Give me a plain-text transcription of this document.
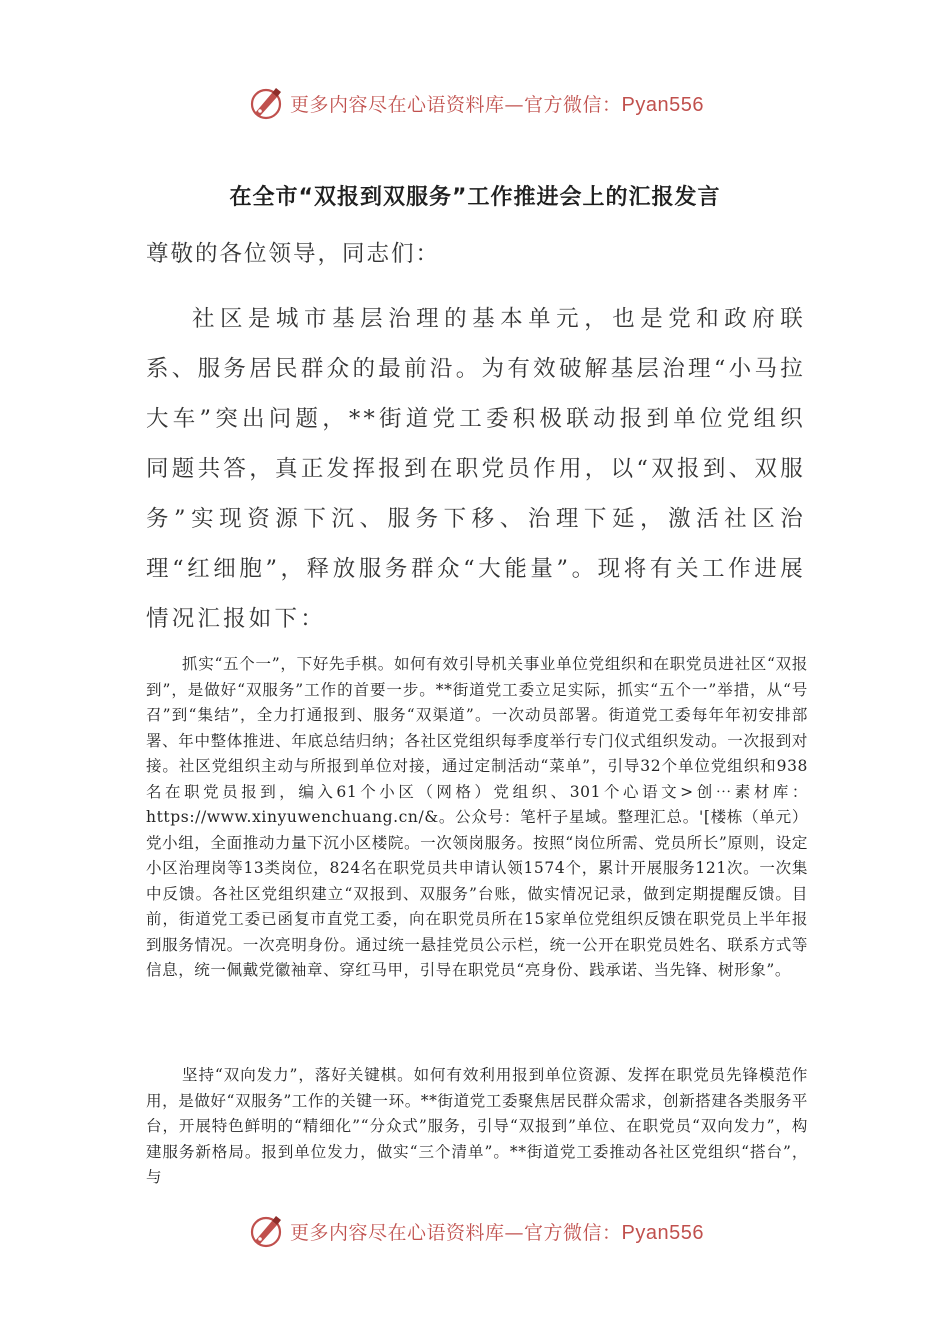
更多内容尽在心语资料库—官方微信：Pyan556
在全市“双报到双服务”工作推进会上的汇报发言
尊敬的各位领导，同志们：

社区是城市基层治理的基本单元，也是党和政府联系、服务居民群众的最前沿。为有效破解基层治理“小马拉大车”突出问题，**街道党工委积极联动报到单位党组织同题共答，真正发挥报到在职党员作用，以“双报到、双服务”实现资源下沉、服务下移、治理下延，激活社区治理“红细胞”，释放服务群众“大能量”。现将有关工作进展情况汇报如下：

抓实“五个一”，下好先手棋。如何有效引导机关事业单位党组织和在职党员进社区“双报到”，是做好“双服务”工作的首要一步。**街道党工委立足实际，抓实“五个一”举措，从“号召”到“集结”，全力打通报到、服务“双渠道”。一次动员部署。街道党工委每年年初安排部署、年中整体推进、年底总结归纳；各社区党组织每季度举行专门仪式组织发动。一次报到对接。社区党组织主动与所报到单位对接，通过定制活动“菜单”，引导32个单位党组织和938名在职党员报到，编入61个小区（网格）党组织、301个心语文>创⋯素材库：https://www.xinyuwenchuang.cn/&。公众号：笔杆子星域。整理汇总。'[楼栋（单元）党小组，全面推动力量下沉小区楼院。一次领岗服务。按照“岗位所需、党员所长”原则，设定小区治理岗等13类岗位，824名在职党员共申请认领1574个，累计开展服务121次。一次集中反馈。各社区党组织建立“双报到、双服务”台账，做实情况记录，做到定期提醒反馈。目前，街道党工委已函复市直党工委，向在职党员所在15家单位党组织反馈在职党员上半年报到服务情况。一次亮明身份。通过统一悬挂党员公示栏，统一公开在职党员姓名、联系方式等信息，统一佩戴党徽袖章、穿红马甲，引导在职党员“亮身份、践承诺、当先锋、树形象”。

坚持“双向发力”，落好关键棋。如何有效利用报到单位资源、发挥在职党员先锋模范作用，是做好“双服务”工作的关键一环。**街道党工委聚焦居民群众需求，创新搭建各类服务平台，开展特色鲜明的“精细化”“分众式”服务，引导“双报到”单位、在职党员“双向发力”，构建服务新格局。报到单位发力，做实“三个清单”。**街道党工委推动各社区党组织“搭台”，与

更多内容尽在心语资料库—官方微信：Pyan556
